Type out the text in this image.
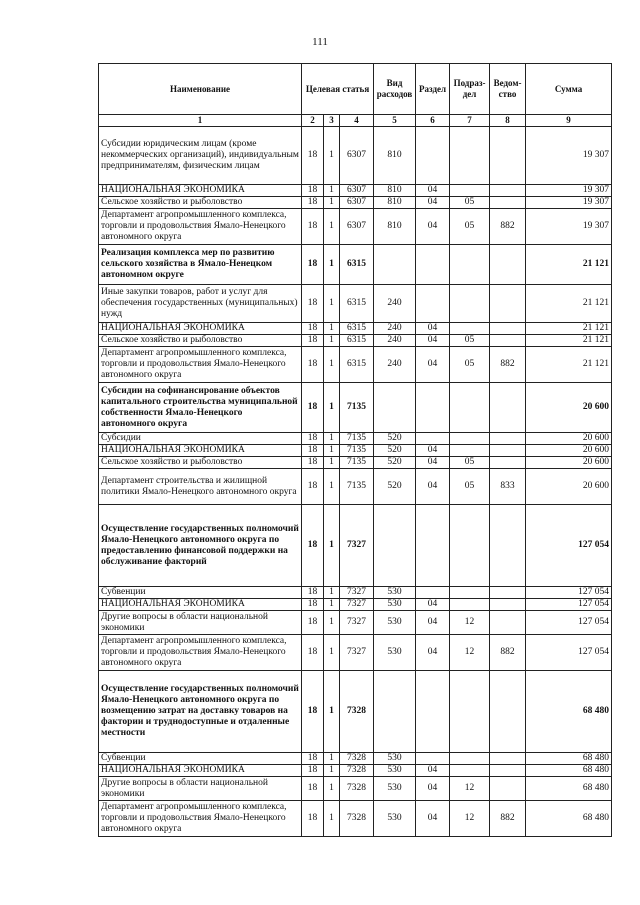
111
Наименование	Целевая статья			Вид расходов	Раздел	Подраз-дел	Ведом-ство	Сумма
1	2	3	4	5	6	7	8	9
Субсидии юридическим лицам (кроме некоммерческих организаций), индивидуальным предпринимателям, физическим лицам	18	1	6307	810				19 307
НАЦИОНАЛЬНАЯ ЭКОНОМИКА	18	1	6307	810	04			19 307
Сельское хозяйство и рыболовство	18	1	6307	810	04	05		19 307
Департамент агропромышленного комплекса, торговли и продовольствия Ямало-Ненецкого автономного округа	18	1	6307	810	04	05	882	19 307
Реализация комплекса мер по развитию сельского хозяйства в Ямало-Ненецком автономном округе	18	1	6315					21 121
Иные закупки товаров, работ и услуг для обеспечения государственных (муниципальных) нужд	18	1	6315	240				21 121
НАЦИОНАЛЬНАЯ ЭКОНОМИКА	18	1	6315	240	04			21 121
Сельское хозяйство и рыболовство	18	1	6315	240	04	05		21 121
Департамент агропромышленного комплекса, торговли и продовольствия Ямало-Ненецкого автономного округа	18	1	6315	240	04	05	882	21 121
Субсидии на софинансирование объектов капитального строительства муниципальной собственности Ямало-Ненецкого автономного округа	18	1	7135					20 600
Субсидии	18	1	7135	520				20 600
НАЦИОНАЛЬНАЯ ЭКОНОМИКА	18	1	7135	520	04			20 600
Сельское хозяйство и рыболовство	18	1	7135	520	04	05		20 600
Департамент строительства и жилищной политики Ямало-Ненецкого автономного округа	18	1	7135	520	04	05	833	20 600
Осуществление государственных полномочий Ямало-Ненецкого автономного округа по предоставлению финансовой поддержки на обслуживание факторий	18	1	7327					127 054
Субвенции	18	1	7327	530				127 054
НАЦИОНАЛЬНАЯ ЭКОНОМИКА	18	1	7327	530	04			127 054
Другие вопросы в области национальной экономики	18	1	7327	530	04	12		127 054
Департамент агропромышленного комплекса, торговли и продовольствия Ямало-Ненецкого автономного округа	18	1	7327	530	04	12	882	127 054
Осуществление государственных полномочий Ямало-Ненецкого автономного округа по возмещению затрат на доставку товаров на фактории и труднодоступные и отдаленные местности	18	1	7328					68 480
Субвенции	18	1	7328	530				68 480
НАЦИОНАЛЬНАЯ ЭКОНОМИКА	18	1	7328	530	04			68 480
Другие вопросы в области национальной экономики	18	1	7328	530	04	12		68 480
Департамент агропромышленного комплекса, торговли и продовольствия Ямало-Ненецкого автономного округа	18	1	7328	530	04	12	882	68 480
